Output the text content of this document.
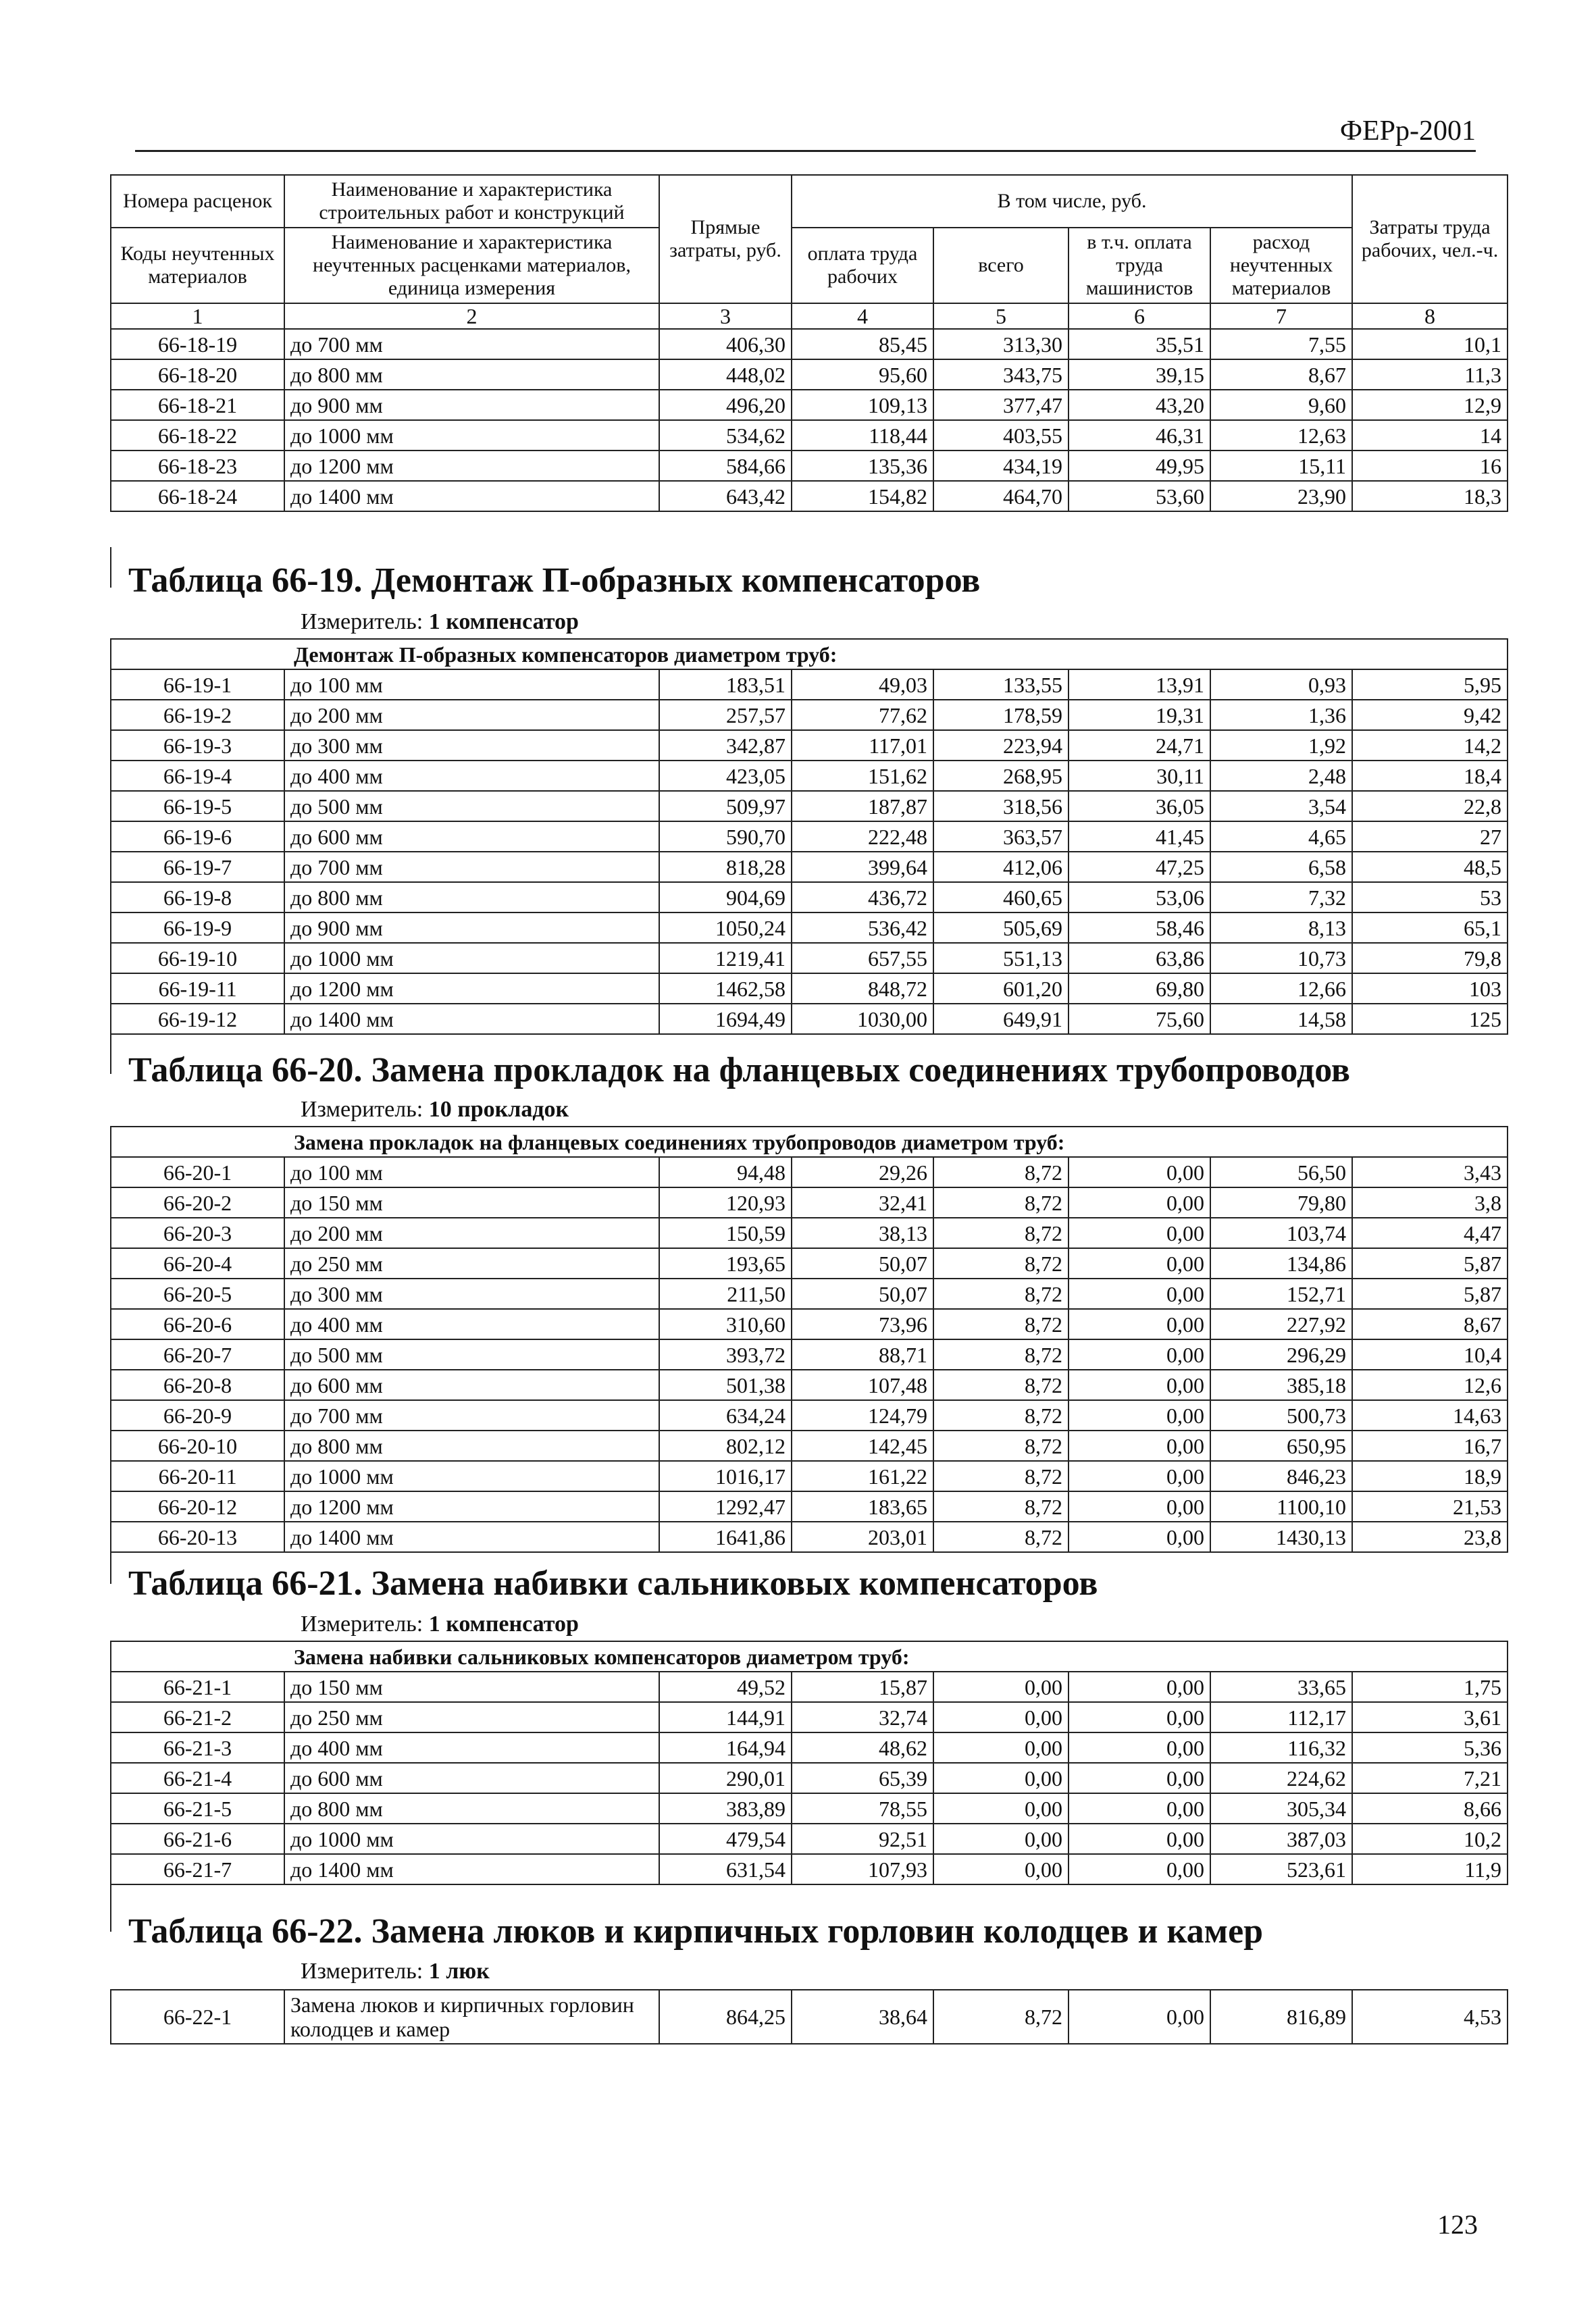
ФЕРр-2001
Номера расценок	Наименование и характеристика строительных работ и конструкций	Прямые затраты, руб.	В том числе, руб.				Затраты труда рабочих, чел.-ч.
Коды неучтенных материалов	Наименование и характеристика неучтенных расценками материалов, единица измерения		оплата труда рабочих	всего	в т.ч. оплата труда машинистов	расход неучтенных материалов	
1	2	3	4	5	6	7	8
66-18-19	до 700 мм	406,30	85,45	313,30	35,51	7,55	10,1
66-18-20	до 800 мм	448,02	95,60	343,75	39,15	8,67	11,3
66-18-21	до 900 мм	496,20	109,13	377,47	43,20	9,60	12,9
66-18-22	до 1000 мм	534,62	118,44	403,55	46,31	12,63	14
66-18-23	до 1200 мм	584,66	135,36	434,19	49,95	15,11	16
66-18-24	до 1400 мм	643,42	154,82	464,70	53,60	23,90	18,3
Таблица 66-19. Демонтаж П-образных компенсаторов
Измеритель: 1 компенсатор
Демонтаж П-образных компенсаторов диаметром труб:							
66-19-1	до 100 мм	183,51	49,03	133,55	13,91	0,93	5,95
66-19-2	до 200 мм	257,57	77,62	178,59	19,31	1,36	9,42
66-19-3	до 300 мм	342,87	117,01	223,94	24,71	1,92	14,2
66-19-4	до 400 мм	423,05	151,62	268,95	30,11	2,48	18,4
66-19-5	до 500 мм	509,97	187,87	318,56	36,05	3,54	22,8
66-19-6	до 600 мм	590,70	222,48	363,57	41,45	4,65	27
66-19-7	до 700 мм	818,28	399,64	412,06	47,25	6,58	48,5
66-19-8	до 800 мм	904,69	436,72	460,65	53,06	7,32	53
66-19-9	до 900 мм	1050,24	536,42	505,69	58,46	8,13	65,1
66-19-10	до 1000 мм	1219,41	657,55	551,13	63,86	10,73	79,8
66-19-11	до 1200 мм	1462,58	848,72	601,20	69,80	12,66	103
66-19-12	до 1400 мм	1694,49	1030,00	649,91	75,60	14,58	125
Таблица 66-20. Замена прокладок на фланцевых соединениях трубопроводов
Измеритель: 10 прокладок
Замена прокладок на фланцевых соединениях трубопроводов диаметром труб:							
66-20-1	до 100 мм	94,48	29,26	8,72	0,00	56,50	3,43
66-20-2	до 150 мм	120,93	32,41	8,72	0,00	79,80	3,8
66-20-3	до 200 мм	150,59	38,13	8,72	0,00	103,74	4,47
66-20-4	до 250 мм	193,65	50,07	8,72	0,00	134,86	5,87
66-20-5	до 300 мм	211,50	50,07	8,72	0,00	152,71	5,87
66-20-6	до 400 мм	310,60	73,96	8,72	0,00	227,92	8,67
66-20-7	до 500 мм	393,72	88,71	8,72	0,00	296,29	10,4
66-20-8	до 600 мм	501,38	107,48	8,72	0,00	385,18	12,6
66-20-9	до 700 мм	634,24	124,79	8,72	0,00	500,73	14,63
66-20-10	до 800 мм	802,12	142,45	8,72	0,00	650,95	16,7
66-20-11	до 1000 мм	1016,17	161,22	8,72	0,00	846,23	18,9
66-20-12	до 1200 мм	1292,47	183,65	8,72	0,00	1100,10	21,53
66-20-13	до 1400 мм	1641,86	203,01	8,72	0,00	1430,13	23,8
Таблица 66-21. Замена набивки сальниковых компенсаторов
Измеритель: 1 компенсатор
Замена набивки сальниковых компенсаторов диаметром труб:							
66-21-1	до 150 мм	49,52	15,87	0,00	0,00	33,65	1,75
66-21-2	до 250 мм	144,91	32,74	0,00	0,00	112,17	3,61
66-21-3	до 400 мм	164,94	48,62	0,00	0,00	116,32	5,36
66-21-4	до 600 мм	290,01	65,39	0,00	0,00	224,62	7,21
66-21-5	до 800 мм	383,89	78,55	0,00	0,00	305,34	8,66
66-21-6	до 1000 мм	479,54	92,51	0,00	0,00	387,03	10,2
66-21-7	до 1400 мм	631,54	107,93	0,00	0,00	523,61	11,9
Таблица 66-22. Замена люков и кирпичных горловин колодцев и камер
Измеритель: 1 люк
66-22-1	Замена люков и кирпичных горловин колодцев и камер	864,25	38,64	8,72	0,00	816,89	4,53
123
